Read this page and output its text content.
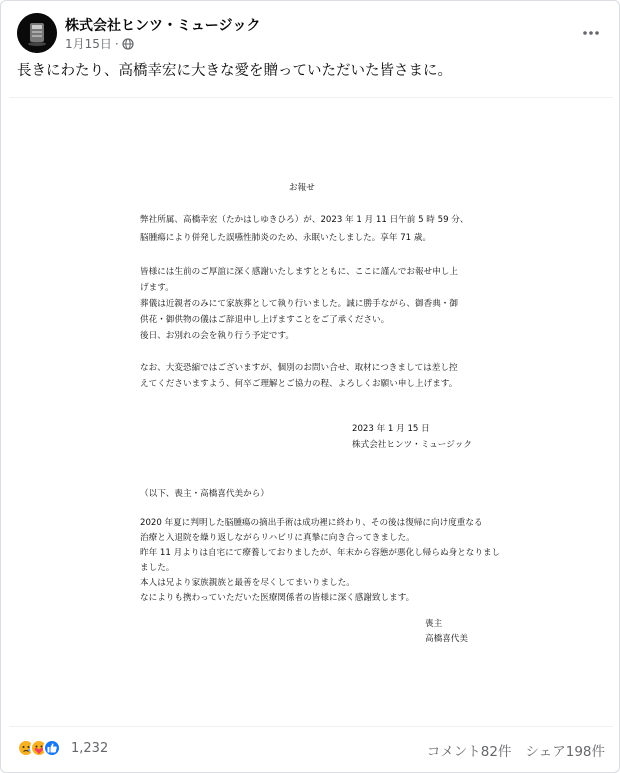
株式会社ヒンツ・ミュージック
1月15日 ·
長きにわたり、高橋幸宏に大きな愛を贈っていただいた皆さまに。
お報せ
弊社所属、高橋幸宏（たかはしゆきひろ）が、2023 年 1 月 11 日午前 5 時 59 分、
脳腫瘍により併発した誤嚥性肺炎のため、永眠いたしました。享年 71 歳。
皆様には生前のご厚誼に深く感謝いたしますとともに、ここに謹んでお報せ申し上
げます。
葬儀は近親者のみにて家族葬として執り行いました。誠に勝手ながら、御香典・御
供花・御供物の儀はご辞退申し上げますことをご了承ください。
後日、お別れの会を執り行う予定です。
なお、大変恐縮ではございますが、個別のお問い合せ、取材につきましては差し控
えてくださいますよう、何卒ご理解とご協力の程、よろしくお願い申し上げます。
2023 年 1 月 15 日
株式会社ヒンツ・ミュージック
（以下、喪主・高橋喜代美から）
2020 年夏に判明した脳腫瘍の摘出手術は成功裡に終わり、その後は復帰に向け度重なる
治療と入退院を繰り返しながらリハビリに真摯に向き合ってきました。
昨年 11 月よりは自宅にて療養しておりましたが、年末から容態が悪化し帰らぬ身となりまし
ました。
本人は兄より家族親族と最善を尽くしてまいりました。
なによりも携わっていただいた医療関係者の皆様に深く感謝致します。
喪主
高橋喜代美
1,232	コメント82件 シェア198件
